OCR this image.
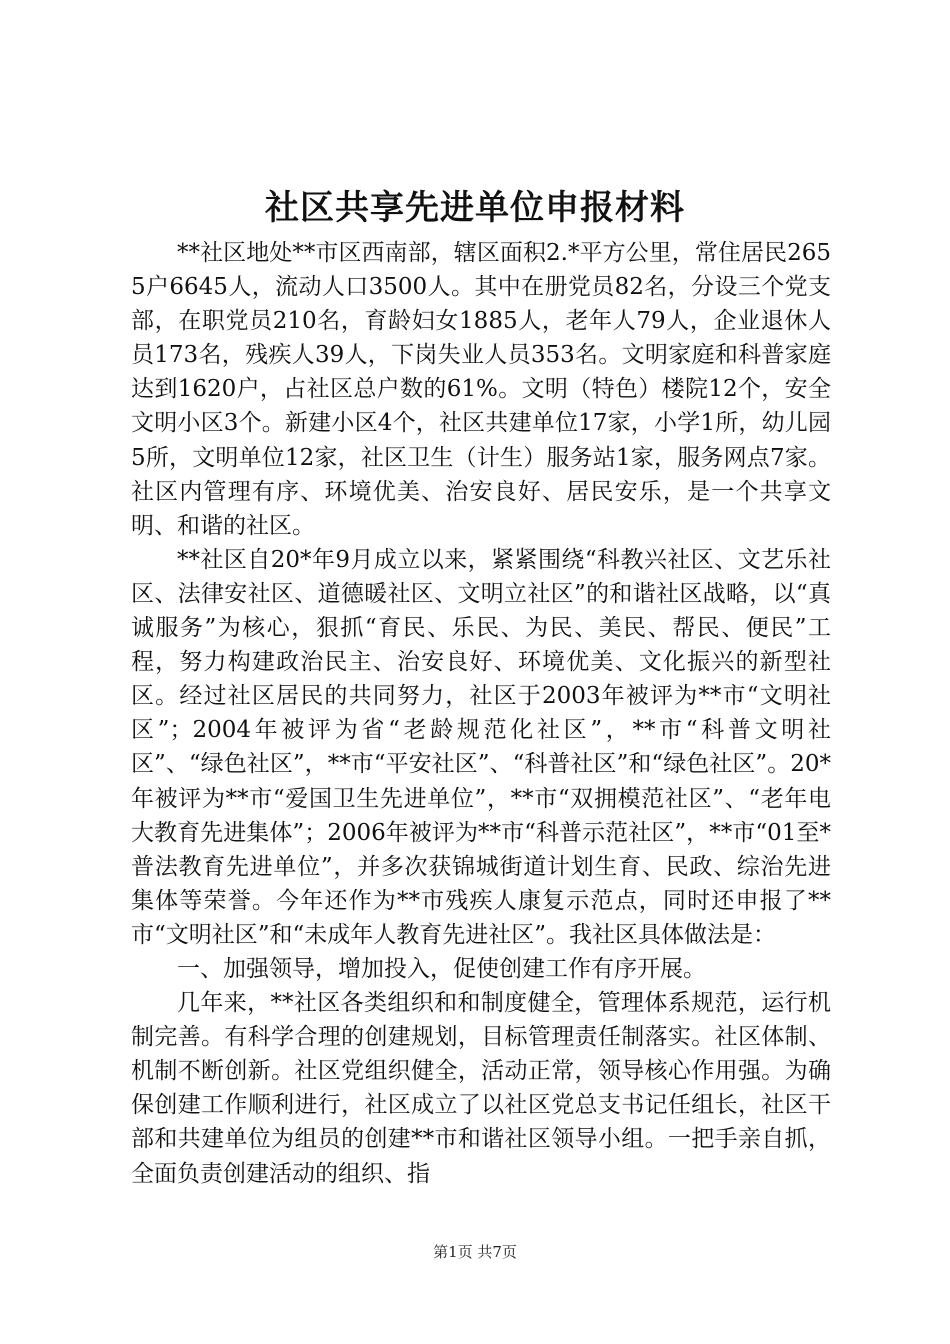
社区共享先进单位申报材料

**社区地处**市区西南部，辖区面积2.*平方公里，常住居民2655户6645人，流动人口3500人。其中在册党员82名，分设三个党支部，在职党员210名，育龄妇女1885人，老年人79人，企业退休人员173名，残疾人39人，下岗失业人员353名。文明家庭和科普家庭达到1620户，占社区总户数的61%。文明（特色）楼院12个，安全文明小区3个。新建小区4个，社区共建单位17家，小学1所，幼儿园5所，文明单位12家，社区卫生（计生）服务站1家，服务网点7家。社区内管理有序、环境优美、治安良好、居民安乐，是一个共享文明、和谐的社区。

**社区自20*年9月成立以来，紧紧围绕“科教兴社区、文艺乐社区、法律安社区、道德暖社区、文明立社区”的和谐社区战略，以“真诚服务”为核心，狠抓“育民、乐民、为民、美民、帮民、便民”工程，努力构建政治民主、治安良好、环境优美、文化振兴的新型社区。经过社区居民的共同努力，社区于2003年被评为**市“文明社区”；2004年被评为省“老龄规范化社区”，**市“科普文明社区”、“绿色社区”，**市“平安社区”、“科普社区”和“绿色社区”。20*年被评为**市“爱国卫生先进单位”，**市“双拥模范社区”、“老年电大教育先进集体”；2006年被评为**市“科普示范社区”，**市“01至*普法教育先进单位”，并多次获锦城街道计划生育、民政、综治先进集体等荣誉。今年还作为**市残疾人康复示范点，同时还申报了**市“文明社区”和“未成年人教育先进社区”。我社区具体做法是：

一、加强领导，增加投入，促使创建工作有序开展。

几年来，**社区各类组织和和制度健全，管理体系规范，运行机制完善。有科学合理的创建规划，目标管理责任制落实。社区体制、机制不断创新。社区党组织健全，活动正常，领导核心作用强。为确保创建工作顺利进行，社区成立了以社区党总支书记任组长，社区干部和共建单位为组员的创建**市和谐社区领导小组。一把手亲自抓，全面负责创建活动的组织、指

第1页 共7页
